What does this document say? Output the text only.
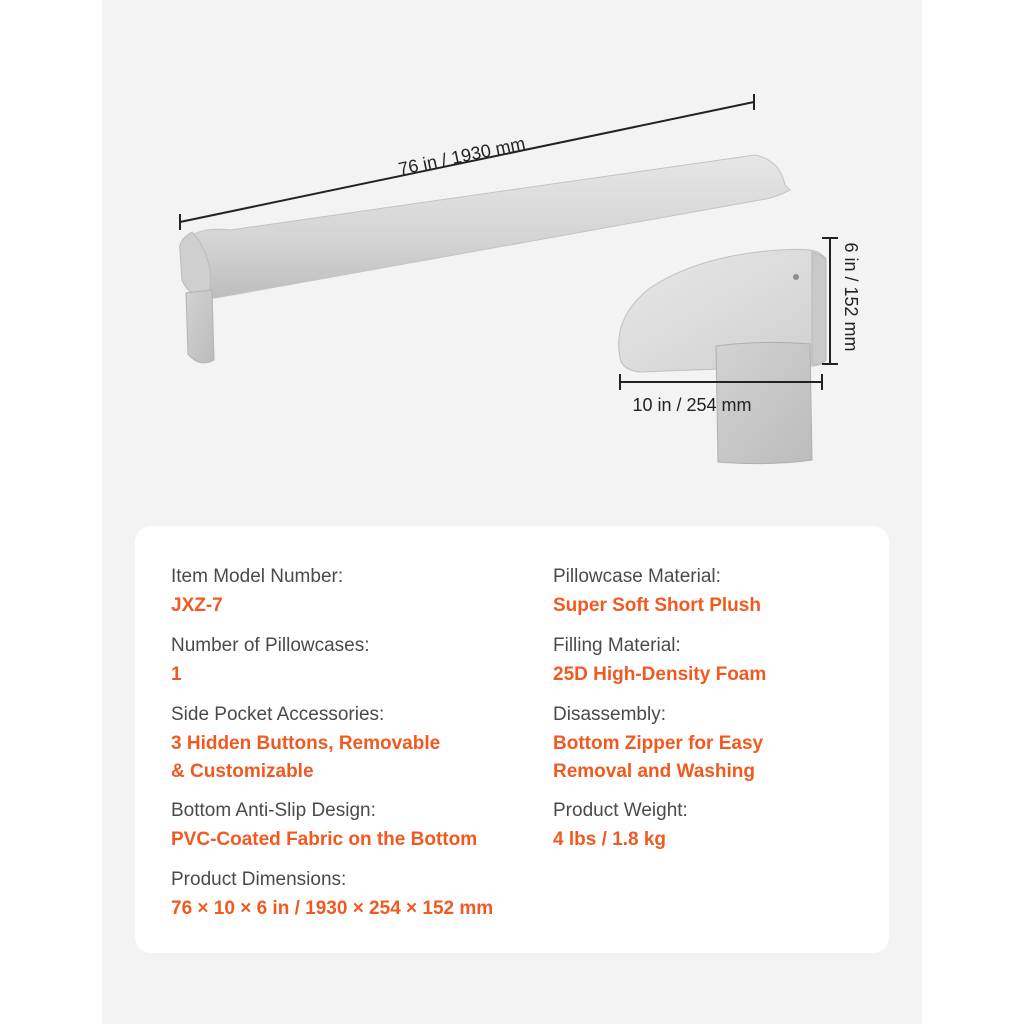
76 in / 1930 mm
10 in / 254 mm
6 in / 152 mm

Item Model Number:

JXZ-7

Number of Pillowcases:

1

Side Pocket Accessories:

3 Hidden Buttons, Removable
& Customizable

Bottom Anti-Slip Design:

PVC-Coated Fabric on the Bottom

Product Dimensions:

76 × 10 × 6 in / 1930 × 254 × 152 mm

Pillowcase Material:

Super Soft Short Plush

Filling Material:

25D High-Density Foam

Disassembly:

Bottom Zipper for Easy
Removal and Washing

Product Weight:

4 lbs / 1.8 kg
